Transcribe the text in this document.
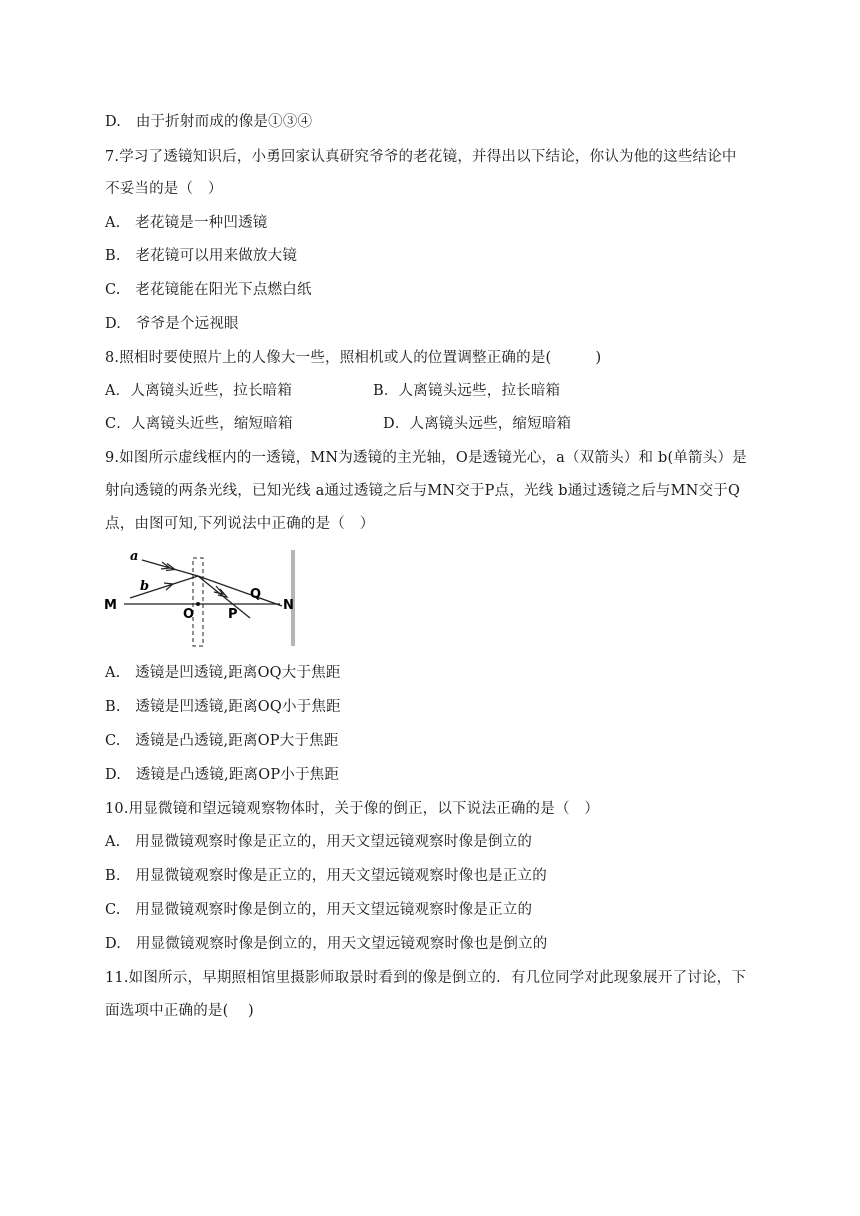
D.　由于折射而成的像是①③④
7.学习了透镜知识后，小勇回家认真研究爷爷的老花镜，并得出以下结论，你认为他的这些结论中
不妥当的是（　）
A.　老花镜是一种凹透镜
B.　老花镜可以用来做放大镜
C.　老花镜能在阳光下点燃白纸
D.　爷爷是个远视眼
8.照相时要使照片上的人像大一些，照相机或人的位置调整正确的是(　　　)
A．人离镜头近些，拉长暗箱	B．人离镜头远些，拉长暗箱
C．人离镜头近些，缩短暗箱	D．人离镜头远些，缩短暗箱
9.如图所示虚线框内的一透镜，MN为透镜的主光轴，O是透镜光心，a（双箭头）和 b(单箭头）是
射向透镜的两条光线，已知光线 a通过透镜之后与MN交于P点，光线 b通过透镜之后与MN交于Q
点，由图可知,下列说法中正确的是（　）
a
b
M	N
O	P
Q
A.　透镜是凹透镜,距离OQ大于焦距
B.　透镜是凹透镜,距离OQ小于焦距
C.　透镜是凸透镜,距离OP大于焦距
D.　透镜是凸透镜,距离OP小于焦距
10.用显微镜和望远镜观察物体时，关于像的倒正，以下说法正确的是（　）
A.　用显微镜观察时像是正立的，用天文望远镜观察时像是倒立的
B.　用显微镜观察时像是正立的，用天文望远镜观察时像也是正立的
C.　用显微镜观察时像是倒立的，用天文望远镜观察时像是正立的
D.　用显微镜观察时像是倒立的，用天文望远镜观察时像也是倒立的
11.如图所示，早期照相馆里摄影师取景时看到的像是倒立的．有几位同学对此现象展开了讨论，下
面选项中正确的是(　 )
